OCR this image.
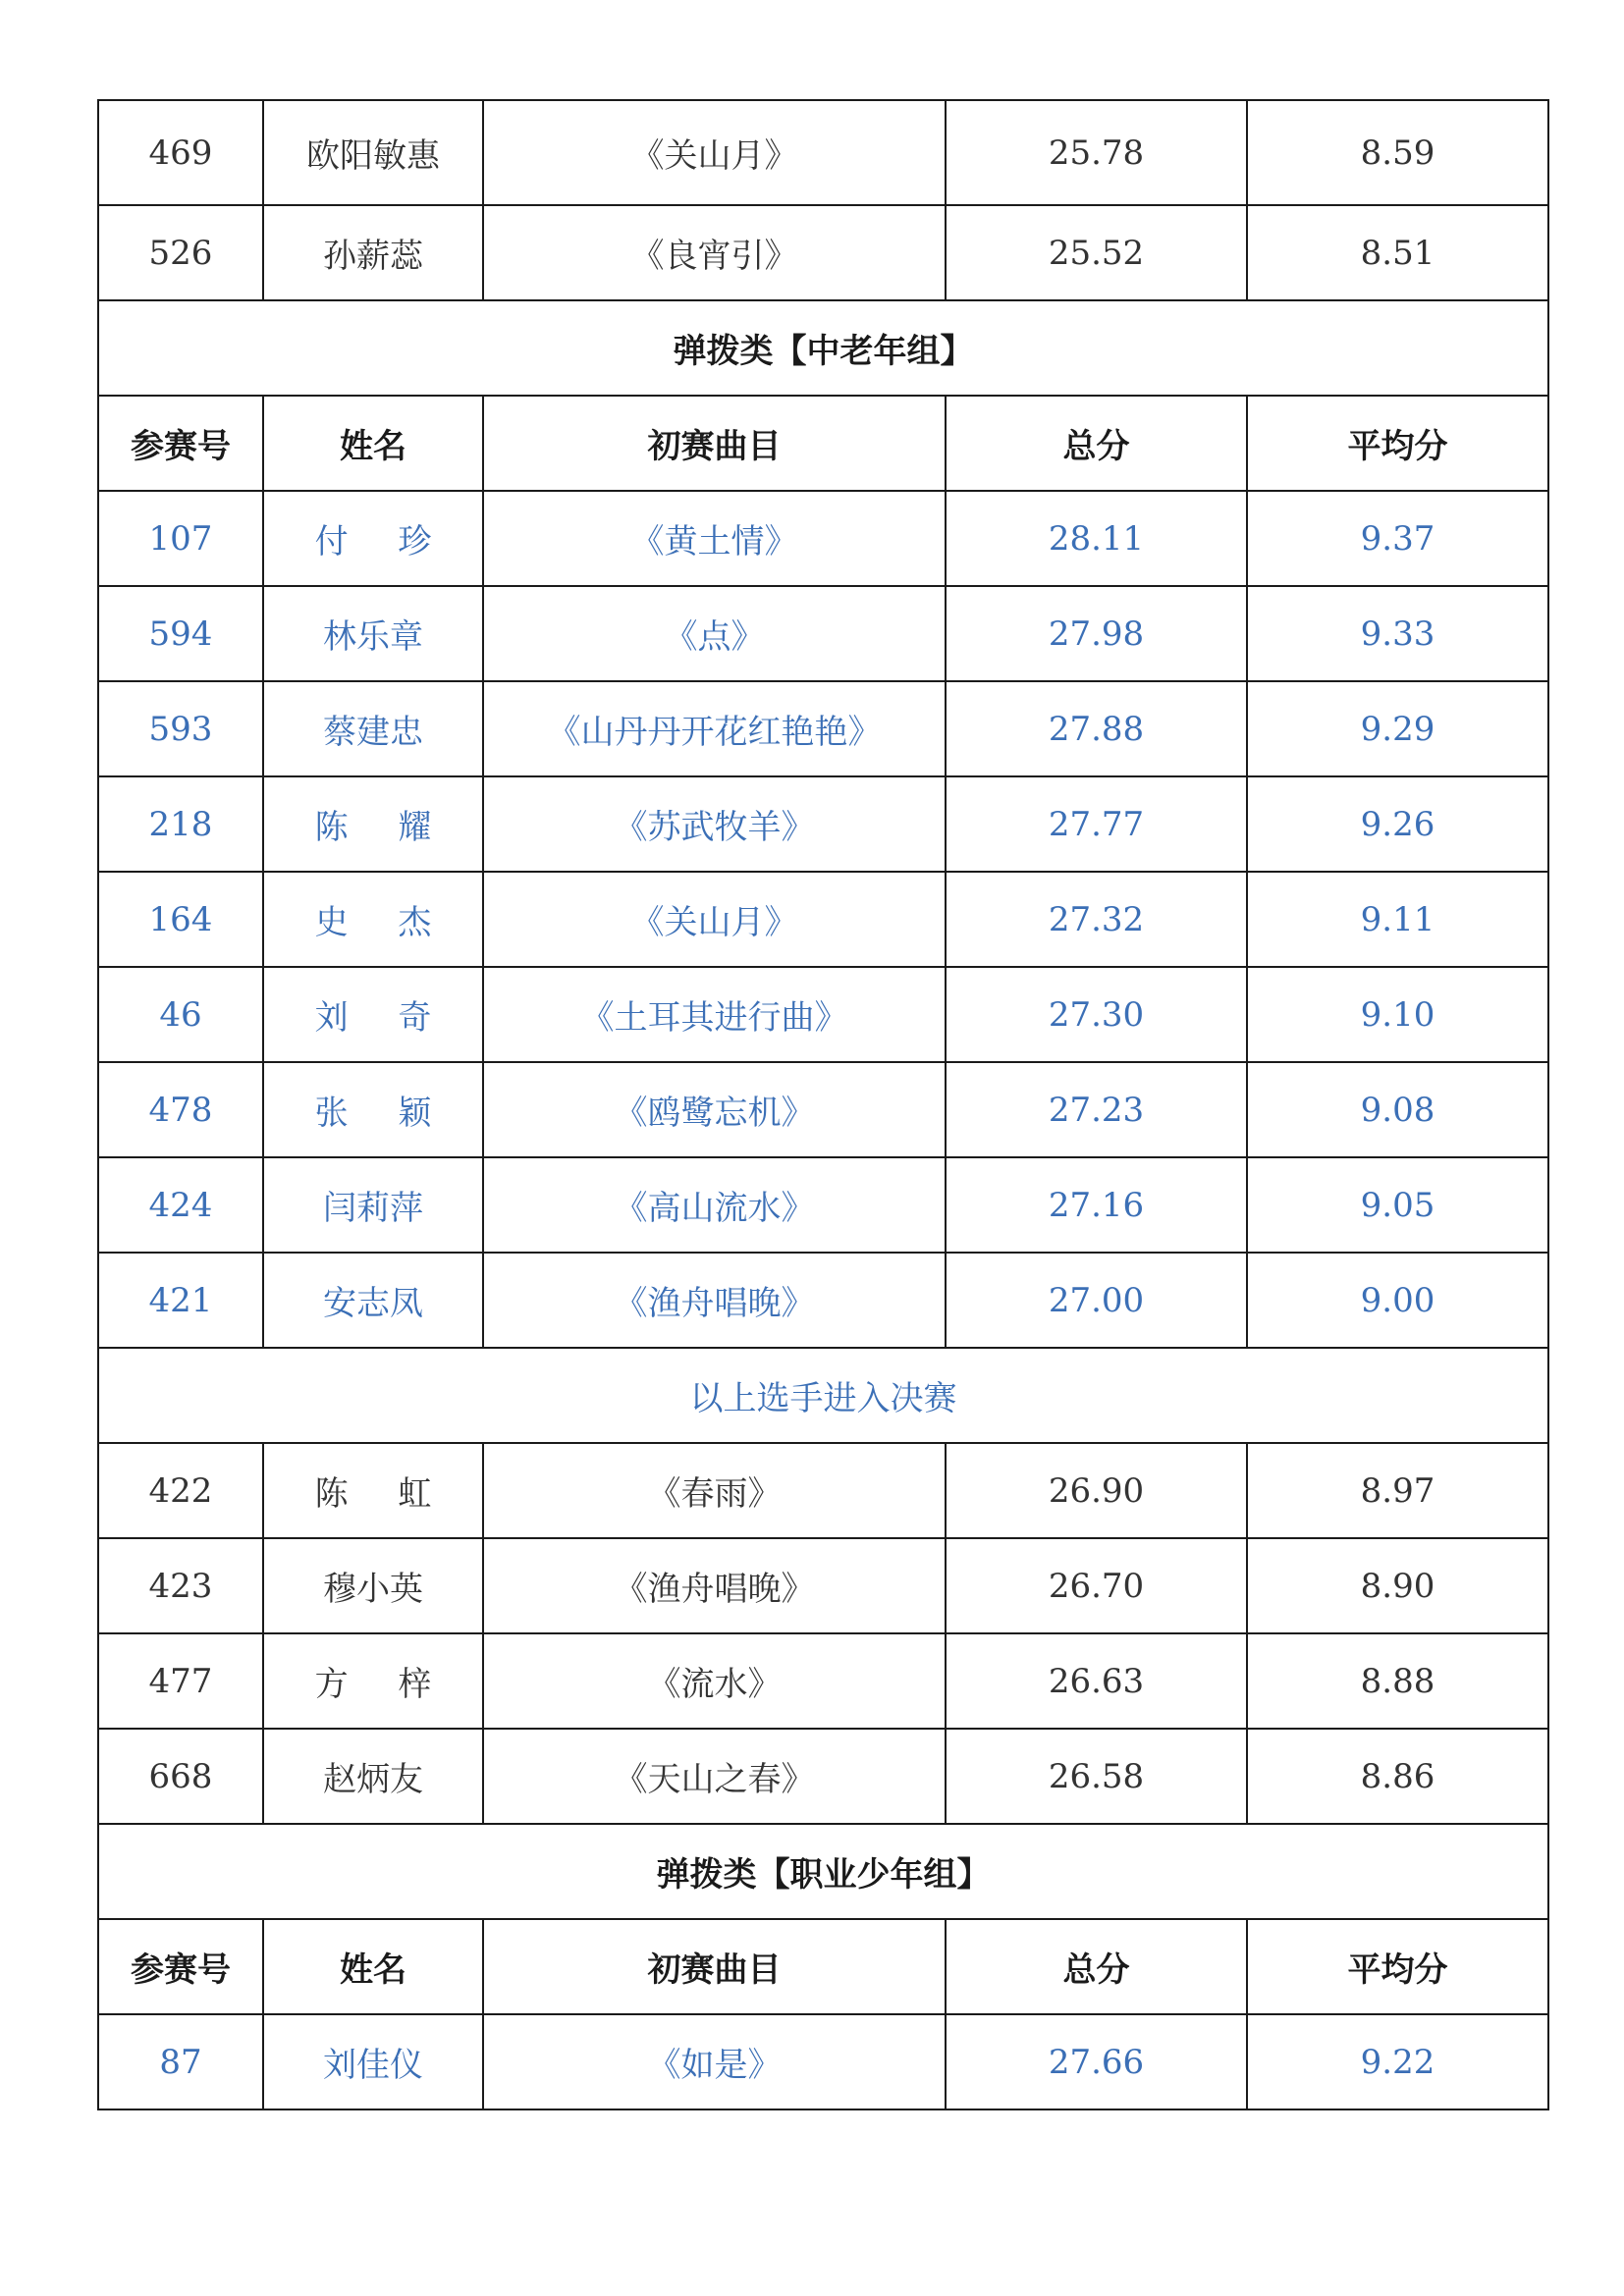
469	欧阳敏惠	《关山月》	25.78	8.59
526	孙薪蕊	《良宵引》	25.52	8.51
弹拨类【中老年组】				
参赛号	姓名	初赛曲目	总分	平均分
107	付 珍	《黄土情》	28.11	9.37
594	林乐章	《点》	27.98	9.33
593	蔡建忠	《山丹丹开花红艳艳》	27.88	9.29
218	陈 耀	《苏武牧羊》	27.77	9.26
164	史 杰	《关山月》	27.32	9.11
46	刘 奇	《土耳其进行曲》	27.30	9.10
478	张 颖	《鸥鹭忘机》	27.23	9.08
424	闫莉萍	《高山流水》	27.16	9.05
421	安志凤	《渔舟唱晚》	27.00	9.00
以上选手进入决赛				
422	陈 虹	《春雨》	26.90	8.97
423	穆小英	《渔舟唱晚》	26.70	8.90
477	方 梓	《流水》	26.63	8.88
668	赵炳友	《天山之春》	26.58	8.86
弹拨类【职业少年组】				
参赛号	姓名	初赛曲目	总分	平均分
87	刘佳仪	《如是》	27.66	9.22
